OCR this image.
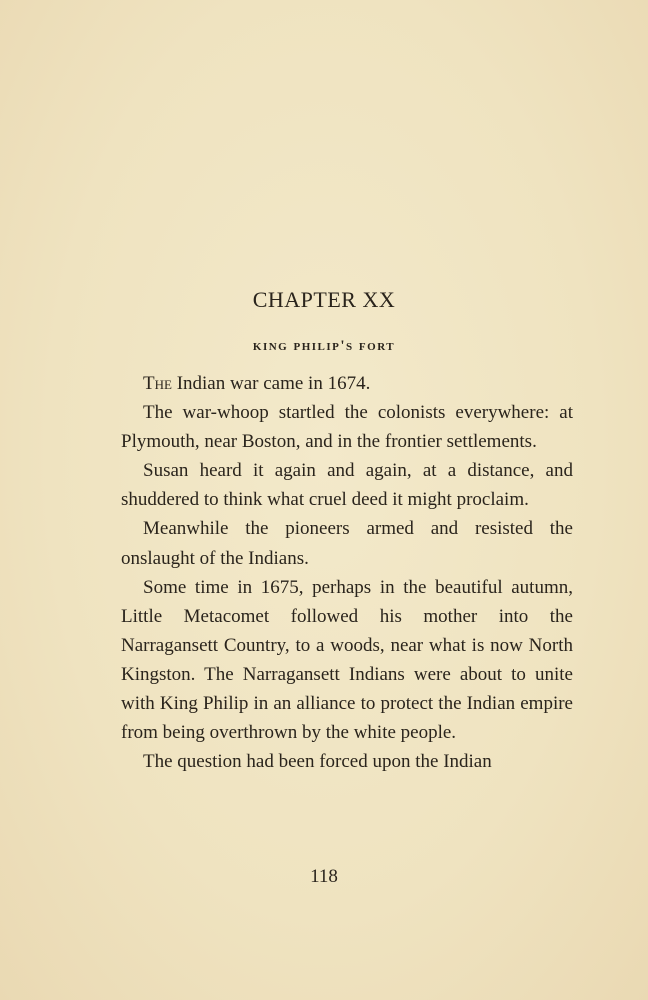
CHAPTER XX
king philip's fort

The Indian war came in 1674.

The war-whoop startled the colonists everywhere: at Plymouth, near Boston, and in the frontier settlements.

Susan heard it again and again, at a distance, and shuddered to think what cruel deed it might proclaim.

Meanwhile the pioneers armed and resisted the onslaught of the Indians.

Some time in 1675, perhaps in the beautiful autumn, Little Metacomet followed his mother into the Narragansett Country, to a woods, near what is now North Kingston. The Narragansett Indians were about to unite with King Philip in an alliance to protect the Indian empire from being overthrown by the white people.

The question had been forced upon the Indian

118
